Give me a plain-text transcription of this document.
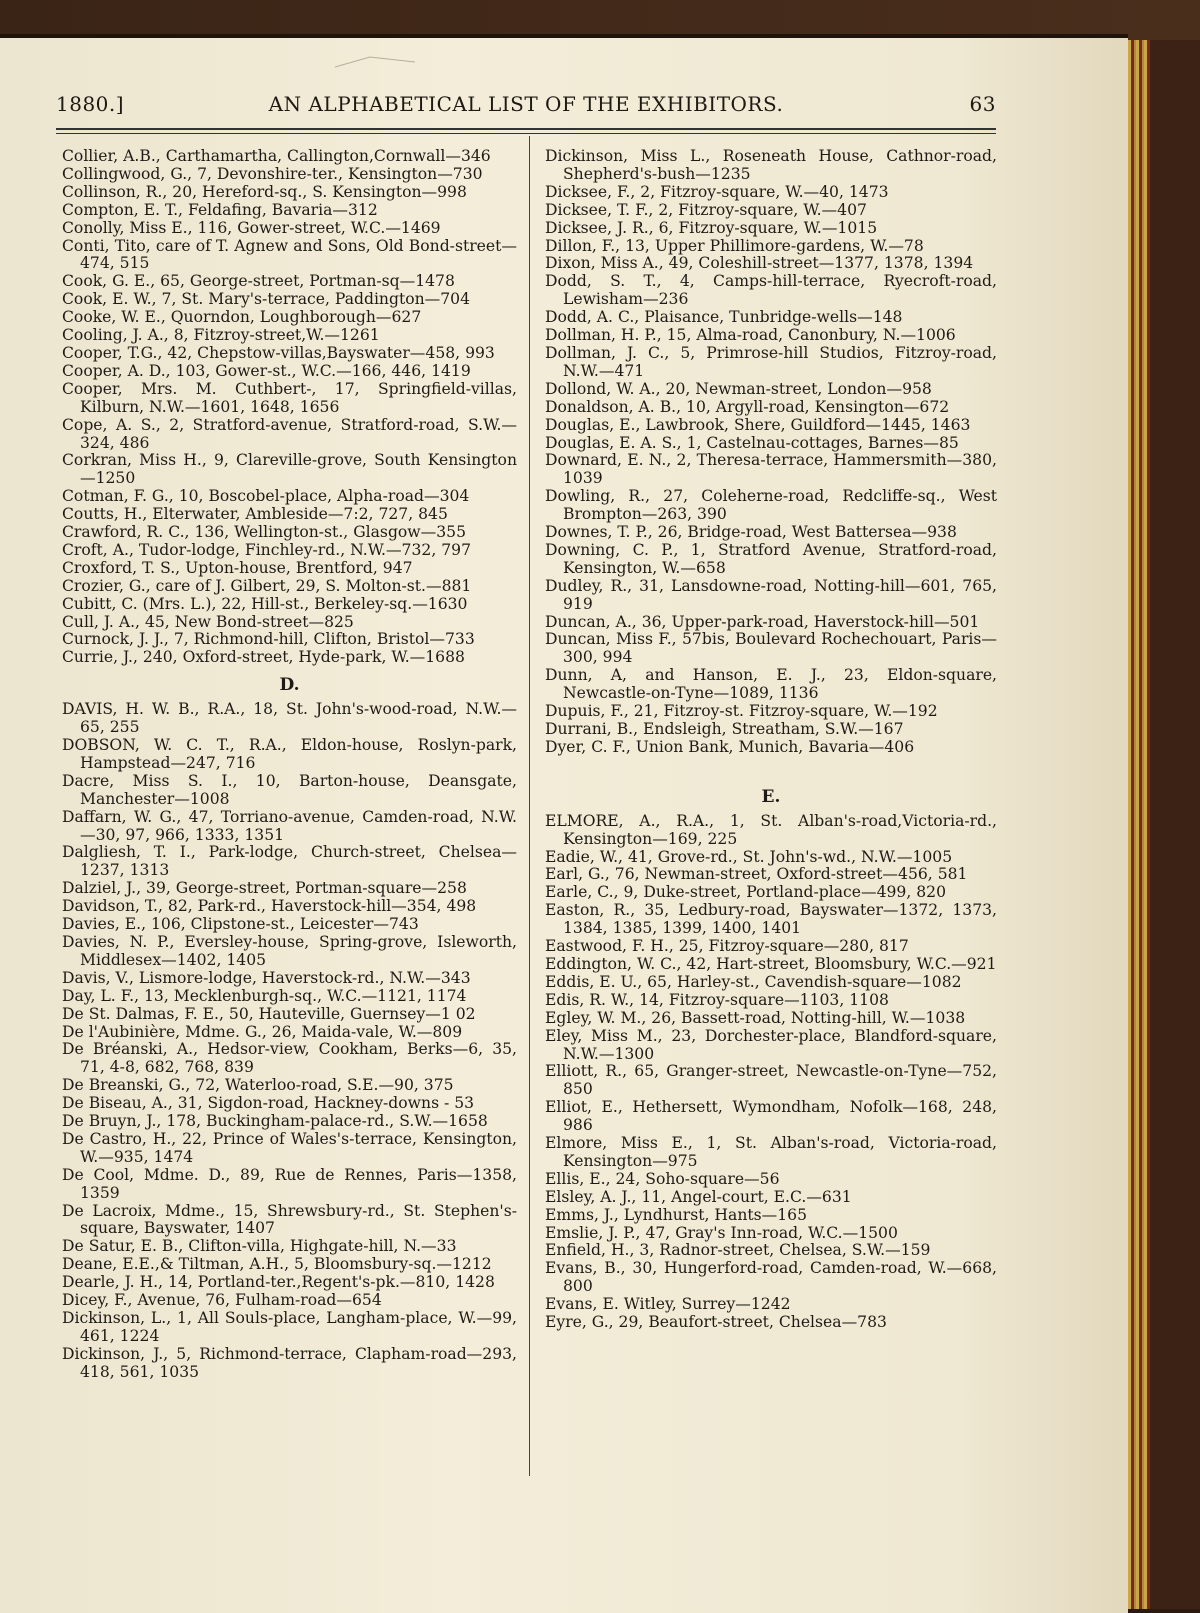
1880.]	AN ALPHABETICAL LIST OF THE EXHIBITORS.	63

Collier, A.B., Carthamartha, Callington,Cornwall—346

Collingwood, G., 7, Devonshire-ter., Kensington—730

Collinson, R., 20, Hereford-sq., S. Kensington—998

Compton, E. T., Feldafing, Bavaria—312

Conolly, Miss E., 116, Gower-street, W.C.—1469

Conti, Tito, care of T. Agnew and Sons, Old Bond-street—474, 515

Cook, G. E., 65, George-street, Portman-sq—1478

Cook, E. W., 7, St. Mary's-terrace, Paddington—704

Cooke, W. E., Quorndon, Loughborough—627

Cooling, J. A., 8, Fitzroy-street,W.—1261

Cooper, T.G., 42, Chepstow-villas,Bayswater—458, 993

Cooper, A. D., 103, Gower-st., W.C.—166, 446, 1419

Cooper, Mrs. M. Cuthbert-, 17, Springfield-villas, Kilburn, N.W.—1601, 1648, 1656

Cope, A. S., 2, Stratford-avenue, Stratford-road, S.W.—324, 486

Corkran, Miss H., 9, Clareville-grove, South Kensington—1250

Cotman, F. G., 10, Boscobel-place, Alpha-road—304

Coutts, H., Elterwater, Ambleside—7:2, 727, 845

Crawford, R. C., 136, Wellington-st., Glasgow—355

Croft, A., Tudor-lodge, Finchley-rd., N.W.—732, 797

Croxford, T. S., Upton-house, Brentford, 947

Crozier, G., care of J. Gilbert, 29, S. Molton-st.—881

Cubitt, C. (Mrs. L.), 22, Hill-st., Berkeley-sq.—1630

Cull, J. A., 45, New Bond-street—825

Curnock, J. J., 7, Richmond-hill, Clifton, Bristol—733

Currie, J., 240, Oxford-street, Hyde-park, W.—1688

D.

DAVIS, H. W. B., R.A., 18, St. John's-wood-road, N.W.—65, 255

DOBSON, W. C. T., R.A., Eldon-house, Roslyn-park, Hampstead—247, 716

Dacre, Miss S. I., 10, Barton-house, Deansgate, Manchester—1008

Daffarn, W. G., 47, Torriano-avenue, Camden-road, N.W.—30, 97, 966, 1333, 1351

Dalgliesh, T. I., Park-lodge, Church-street, Chelsea—1237, 1313

Dalziel, J., 39, George-street, Portman-square—258

Davidson, T., 82, Park-rd., Haverstock-hill—354, 498

Davies, E., 106, Clipstone-st., Leicester—743

Davies, N. P., Eversley-house, Spring-grove, Isleworth, Middlesex—1402, 1405

Davis, V., Lismore-lodge, Haverstock-rd., N.W.—343

Day, L. F., 13, Mecklenburgh-sq., W.C.—1121, 1174

De St. Dalmas, F. E., 50, Hauteville, Guernsey—1 02

De l'Aubinière, Mdme. G., 26, Maida-vale, W.—809

De Bréanski, A., Hedsor-view, Cookham, Berks—6, 35, 71, 4-8, 682, 768, 839

De Breanski, G., 72, Waterloo-road, S.E.—90, 375

De Biseau, A., 31, Sigdon-road, Hackney-downs - 53

De Bruyn, J., 178, Buckingham-palace-rd., S.W.—1658

De Castro, H., 22, Prince of Wales's-terrace, Kensington, W.—935, 1474

De Cool, Mdme. D., 89, Rue de Rennes, Paris—1358, 1359

De Lacroix, Mdme., 15, Shrewsbury-rd., St. Stephen's-square, Bayswater, 1407

De Satur, E. B., Clifton-villa, Highgate-hill, N.—33

Deane, E.E.,& Tiltman, A.H., 5, Bloomsbury-sq.—1212

Dearle, J. H., 14, Portland-ter.,Regent's-pk.—810, 1428

Dicey, F., Avenue, 76, Fulham-road—654

Dickinson, L., 1, All Souls-place, Langham-place, W.—99, 461, 1224

Dickinson, J., 5, Richmond-terrace, Clapham-road—293, 418, 561, 1035

Dickinson, Miss L., Roseneath House, Cathnor-road, Shepherd's-bush—1235

Dicksee, F., 2, Fitzroy-square, W.—40, 1473

Dicksee, T. F., 2, Fitzroy-square, W.—407

Dicksee, J. R., 6, Fitzroy-square, W.—1015

Dillon, F., 13, Upper Phillimore-gardens, W.—78

Dixon, Miss A., 49, Coleshill-street—1377, 1378, 1394

Dodd, S. T., 4, Camps-hill-terrace, Ryecroft-road, Lewisham—236

Dodd, A. C., Plaisance, Tunbridge-wells—148

Dollman, H. P., 15, Alma-road, Canonbury, N.—1006

Dollman, J. C., 5, Primrose-hill Studios, Fitzroy-road, N.W.—471

Dollond, W. A., 20, Newman-street, London—958

Donaldson, A. B., 10, Argyll-road, Kensington—672

Douglas, E., Lawbrook, Shere, Guildford—1445, 1463

Douglas, E. A. S., 1, Castelnau-cottages, Barnes—85

Downard, E. N., 2, Theresa-terrace, Hammersmith—380, 1039

Dowling, R., 27, Coleherne-road, Redcliffe-sq., West Brompton—263, 390

Downes, T. P., 26, Bridge-road, West Battersea—938

Downing, C. P., 1, Stratford Avenue, Stratford-road, Kensington, W.—658

Dudley, R., 31, Lansdowne-road, Notting-hill—601, 765, 919

Duncan, A., 36, Upper-park-road, Haverstock-hill—501

Duncan, Miss F., 57bis, Boulevard Rochechouart, Paris—300, 994

Dunn, A, and Hanson, E. J., 23, Eldon-square, Newcastle-on-Tyne—1089, 1136

Dupuis, F., 21, Fitzroy-st. Fitzroy-square, W.—192

Durrani, B., Endsleigh, Streatham, S.W.—167

Dyer, C. F., Union Bank, Munich, Bavaria—406

E.

ELMORE, A., R.A., 1, St. Alban's-road,Victoria-rd., Kensington—169, 225

Eadie, W., 41, Grove-rd., St. John's-wd., N.W.—1005

Earl, G., 76, Newman-street, Oxford-street—456, 581

Earle, C., 9, Duke-street, Portland-place—499, 820

Easton, R., 35, Ledbury-road, Bayswater—1372, 1373, 1384, 1385, 1399, 1400, 1401

Eastwood, F. H., 25, Fitzroy-square—280, 817

Eddington, W. C., 42, Hart-street, Bloomsbury, W.C.—921

Eddis, E. U., 65, Harley-st., Cavendish-square—1082

Edis, R. W., 14, Fitzroy-square—1103, 1108

Egley, W. M., 26, Bassett-road, Notting-hill, W.—1038

Eley, Miss M., 23, Dorchester-place, Blandford-square, N.W.—1300

Elliott, R., 65, Granger-street, Newcastle-on-Tyne—752, 850

Elliot, E., Hethersett, Wymondham, Nofolk—168, 248, 986

Elmore, Miss E., 1, St. Alban's-road, Victoria-road, Kensington—975

Ellis, E., 24, Soho-square—56

Elsley, A. J., 11, Angel-court, E.C.—631

Emms, J., Lyndhurst, Hants—165

Emslie, J. P., 47, Gray's Inn-road, W.C.—1500

Enfield, H., 3, Radnor-street, Chelsea, S.W.—159

Evans, B., 30, Hungerford-road, Camden-road, W.—668, 800

Evans, E. Witley, Surrey—1242

Eyre, G., 29, Beaufort-street, Chelsea—783
